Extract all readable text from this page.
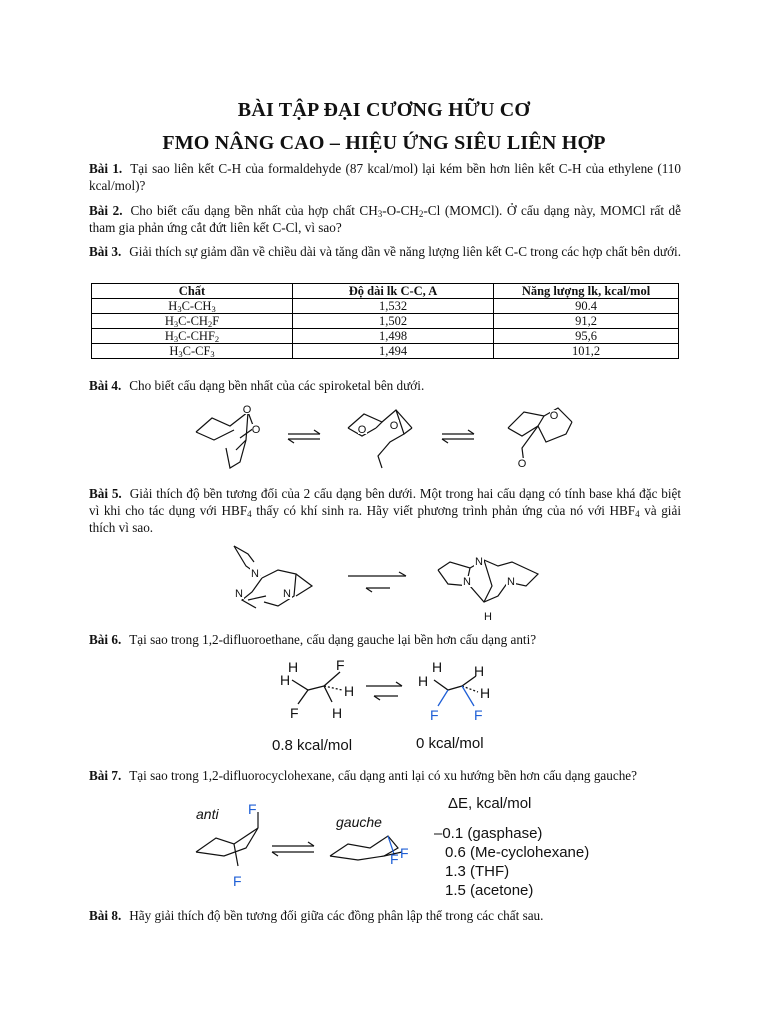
BÀI TẬP ĐẠI CƯƠNG HỮU CƠ
FMO NÂNG CAO – HIỆU ỨNG SIÊU LIÊN HỢP
Bài 1. Tại sao liên kết C-H của formaldehyde (87 kcal/mol) lại kém bền hơn liên kết C-H của ethylene (110 kcal/mol)?
Bài 2. Cho biết cấu dạng bền nhất của hợp chất $CH_3-O-CH_2-Cl$ (MOMCl). Ở cấu dạng này, MOMCl rất dễ tham gia phản ứng cắt đứt liên kết C-Cl, vì sao?
Bài 3. Giải thích sự giảm dần về chiều dài và tăng dần về năng lượng liên kết C-C trong các hợp chất bên dưới.
Chất	Độ dài lk C-C, A	Năng lượng lk, kcal/mol
$H_3C-CH_3$	1,532	90.4
$H_3C-CH_2F$	1,502	91,2
$H_3C-CHF_2$	1,498	95,6
$H_3C-CF_3$	1,494	101,2
Bài 4. Cho biết cấu dạng bền nhất của các spiroketal bên dưới.
O
O	O O
O
O
Bài 5. Giải thích độ bền tương đối của 2 cấu dạng bên dưới. Một trong hai cấu dạng có tính base khá đặc biệt vì khi cho tác dụng với $HBF_4$ thấy có khí sinh ra. Hãy viết phương trình phản ứng của nó với $HBF_4$ và giải thích vì sao.
N
N	N
N
N	N
H
Bài 6. Tại sao trong 1,2-difluoroethane, cấu dạng gauche lại bền hơn cấu dạng anti?
H
H
F
F
H
H
H
H
F
H
H
F
0.8 kcal/mol	0 kcal/mol
Bài 7. Tại sao trong 1,2-difluorocyclohexane, cấu dạng anti lại có xu hướng bền hơn cấu dạng gauche?
anti F
F
gauche
F F
ΔE, kcal/mol
–0.1 (gasphase)
0.6 (Me-cyclohexane)
1.3 (THF)
1.5 (acetone)
Bài 8. Hãy giải thích độ bền tương đối giữa các đồng phân lập thể trong các chất sau.
